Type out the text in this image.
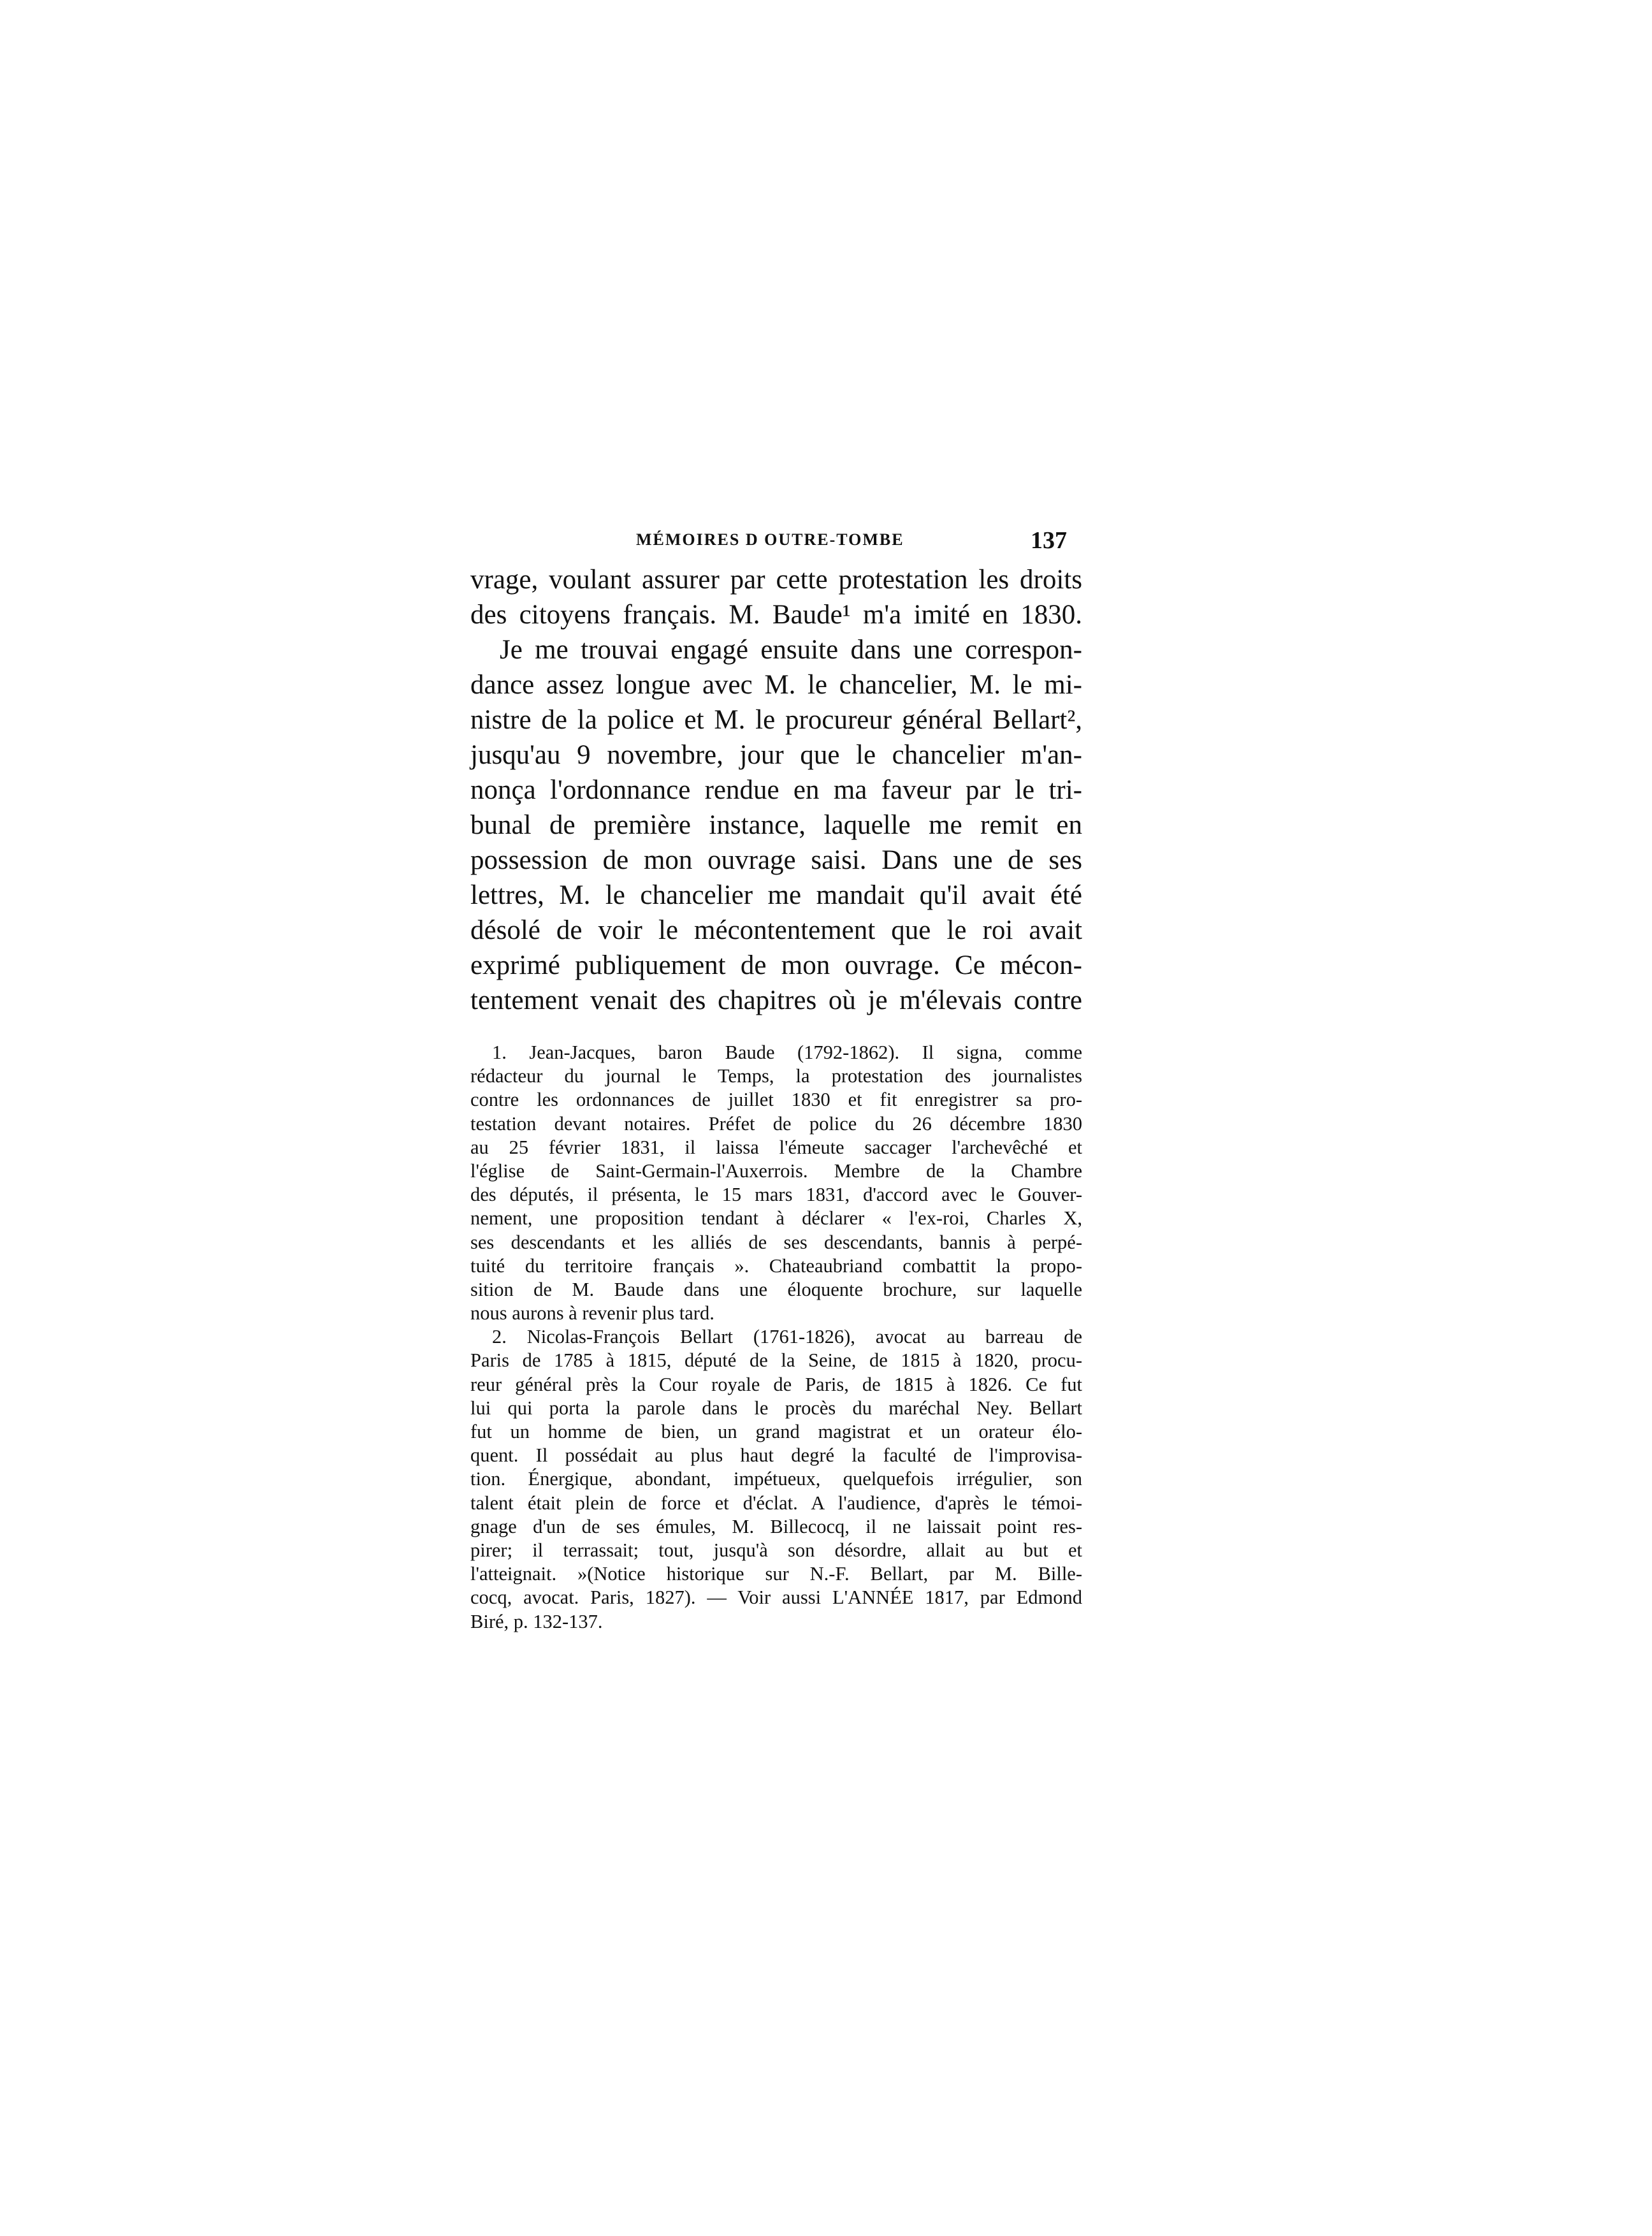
MÉMOIRES D OUTRE-TOMBE	137
vrage, voulant assurer par cette protestation les droits
des citoyens français. M. Baude¹ m'a imité en 1830.
Je me trouvai engagé ensuite dans une correspon-
dance assez longue avec M. le chancelier, M. le mi-
nistre de la police et M. le procureur général Bellart²,
jusqu'au 9 novembre, jour que le chancelier m'an-
nonça l'ordonnance rendue en ma faveur par le tri-
bunal de première instance, laquelle me remit en
possession de mon ouvrage saisi. Dans une de ses
lettres, M. le chancelier me mandait qu'il avait été
désolé de voir le mécontentement que le roi avait
exprimé publiquement de mon ouvrage. Ce mécon-
tentement venait des chapitres où je m'élevais contre
1. Jean-Jacques, baron Baude (1792-1862). Il signa, comme
rédacteur du journal le Temps, la protestation des journalistes
contre les ordonnances de juillet 1830 et fit enregistrer sa pro-
testation devant notaires. Préfet de police du 26 décembre 1830
au 25 février 1831, il laissa l'émeute saccager l'archevêché et
l'église de Saint-Germain-l'Auxerrois. Membre de la Chambre
des députés, il présenta, le 15 mars 1831, d'accord avec le Gouver-
nement, une proposition tendant à déclarer « l'ex-roi, Charles X,
ses descendants et les alliés de ses descendants, bannis à perpé-
tuité du territoire français ». Chateaubriand combattit la propo-
sition de M. Baude dans une éloquente brochure, sur laquelle
nous aurons à revenir plus tard.
2. Nicolas-François Bellart (1761-1826), avocat au barreau de
Paris de 1785 à 1815, député de la Seine, de 1815 à 1820, procu-
reur général près la Cour royale de Paris, de 1815 à 1826. Ce fut
lui qui porta la parole dans le procès du maréchal Ney. Bellart
fut un homme de bien, un grand magistrat et un orateur élo-
quent. Il possédait au plus haut degré la faculté de l'improvisa-
tion. Énergique, abondant, impétueux, quelquefois irrégulier, son
talent était plein de force et d'éclat. A l'audience, d'après le témoi-
gnage d'un de ses émules, M. Billecocq, il ne laissait point res-
pirer; il terrassait; tout, jusqu'à son désordre, allait au but et
l'atteignait. »(Notice historique sur N.-F. Bellart, par M. Bille-
cocq, avocat. Paris, 1827). — Voir aussi L'ANNÉE 1817, par Edmond
Biré, p. 132-137.
